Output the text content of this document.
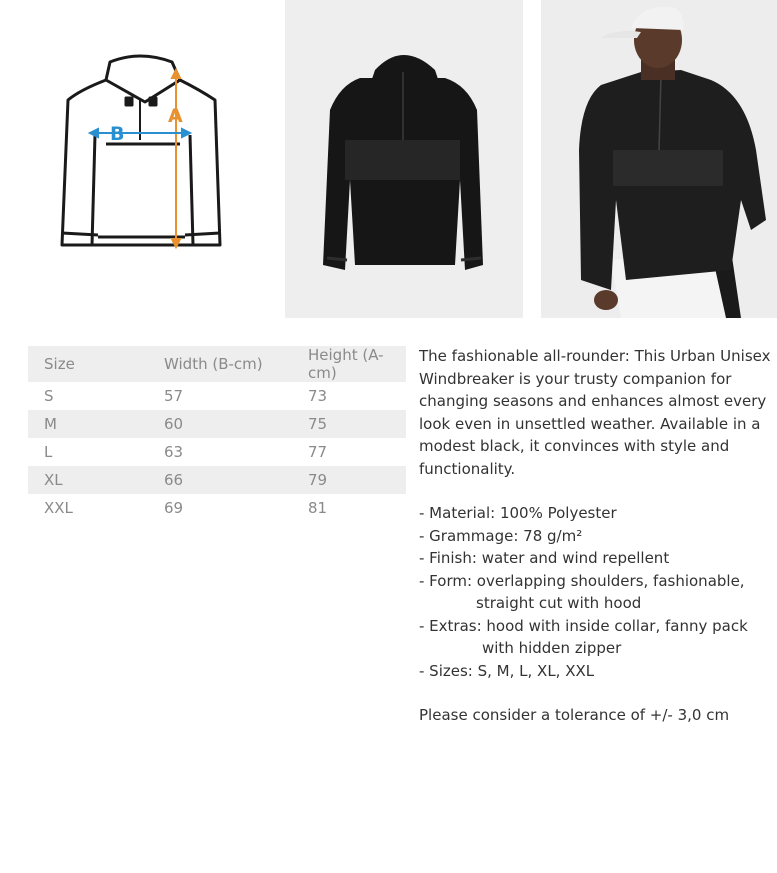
A
B
Size	Width (B-cm)	Height (A-cm)
S	57	73
M	60	75
L	63	77
XL	66	79
XXL	69	81

The fashionable all-rounder: This Urban Unisex Windbreaker is your trusty companion for changing seasons and enhances almost every look even in unsettled weather. Available in a modest black, it convinces with style and functionality.

- Material: 100% Polyester

- Grammage: 78 g/m²

- Finish: water and wind repellent

- Form: overlapping shoulders, fashionable,

straight cut with hood

- Extras: hood with inside collar, fanny pack

with hidden zipper

- Sizes: S, M, L, XL, XXL

Please consider a tolerance of +/- 3,0 cm
